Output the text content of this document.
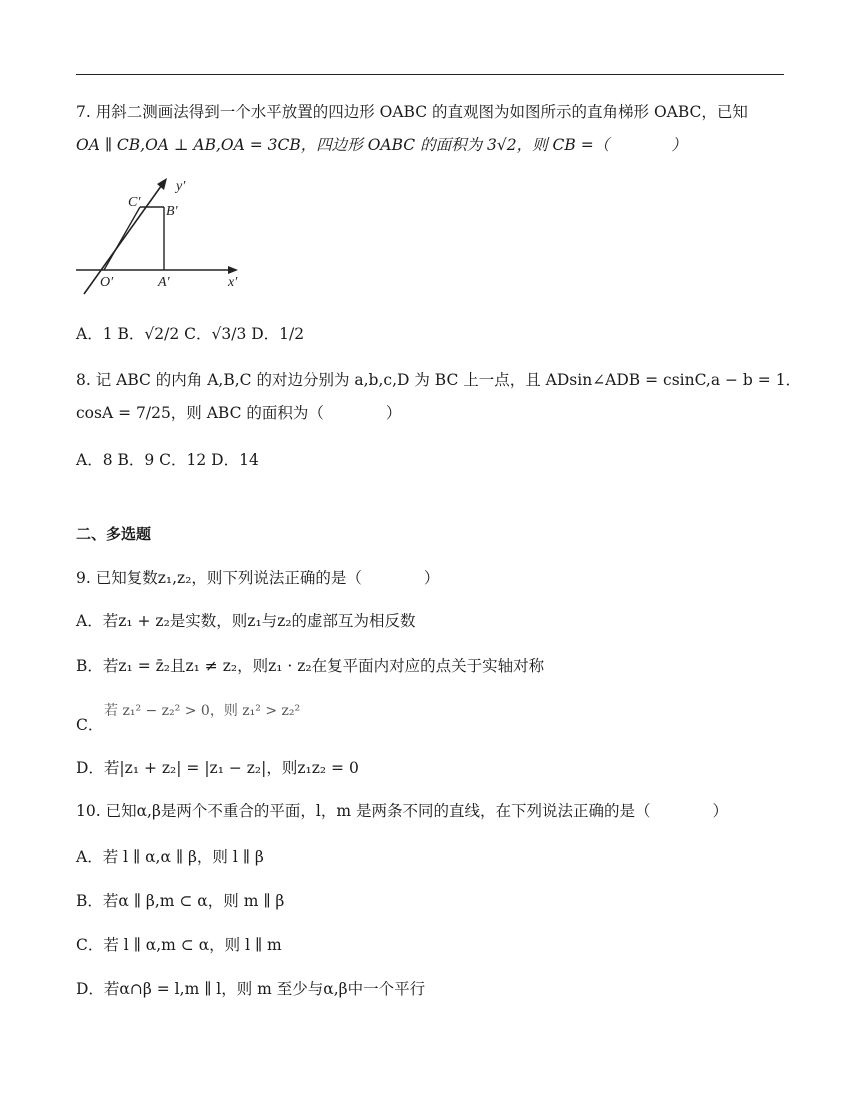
7. 用斜二测画法得到一个水平放置的四边形 OABC 的直观图为如图所示的直角梯形 OABC，已知
OA ∥ CB,OA ⊥ AB,OA = 3CB，四边形 OABC 的面积为 3√2，则 CB =（　　　　）
C′
B′
y′
O′	A′	x′
A．1 B．√2/2 C．√3/3 D．1/2
8. 记 ABC 的内角 A,B,C 的对边分别为 a,b,c,D 为 BC 上一点，且 ADsin∠ADB = csinC,a − b = 1．
cosA = 7/25，则 ABC 的面积为（　　　　）
A．8 B．9 C．12 D．14
二、多选题
9. 已知复数z₁,z₂，则下列说法正确的是（　　　　）
A．若z₁ + z₂是实数，则z₁与z₂的虚部互为相反数
B．若z₁ = z̄₂且z₁ ≠ z₂，则z₁ · z₂在复平面内对应的点关于实轴对称
若 z₁² − z₂² > 0，则 z₁² > z₂²
C．
D．若|z₁ + z₂| = |z₁ − z₂|，则z₁z₂ = 0
10. 已知α,β是两个不重合的平面，l，m 是两条不同的直线，在下列说法正确的是（　　　　）
A．若 l ∥ α,α ∥ β，则 l ∥ β
B．若α ∥ β,m ⊂ α，则 m ∥ β
C．若 l ∥ α,m ⊂ α，则 l ∥ m
D．若α∩β = l,m ∥ l，则 m 至少与α,β中一个平行
